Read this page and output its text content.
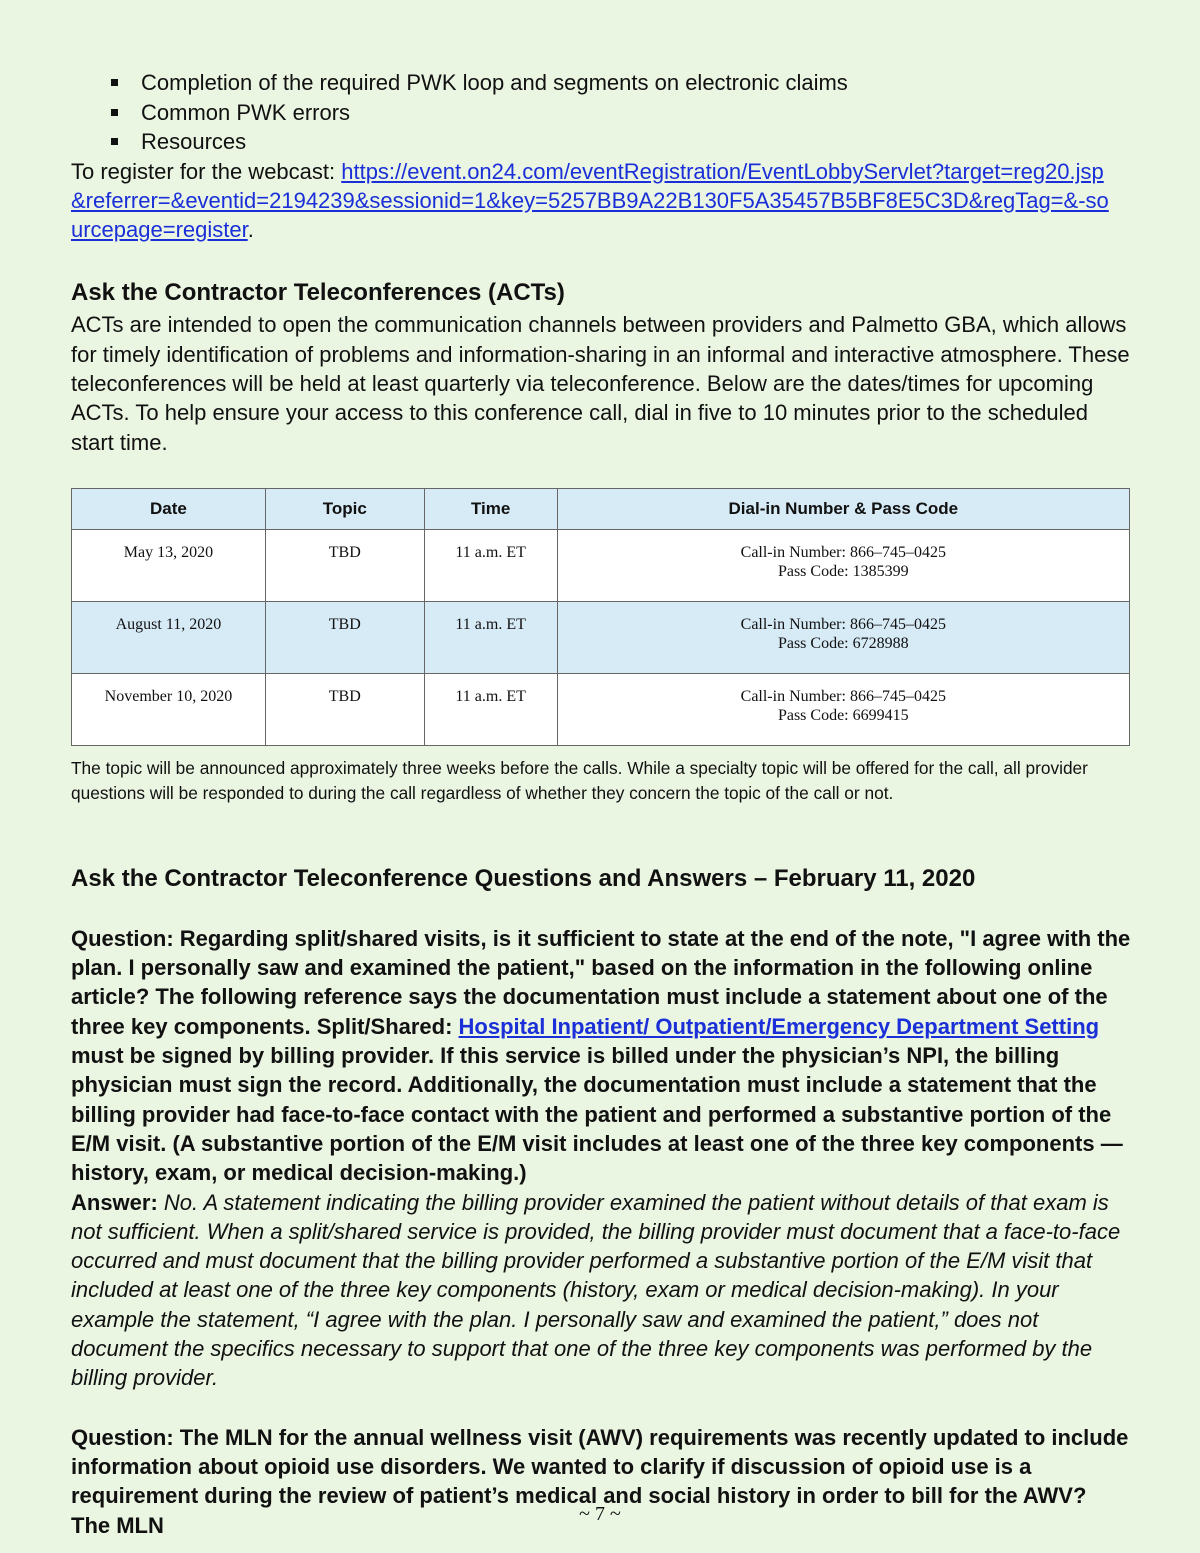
Completion of the required PWK loop and segments on electronic claims
Common PWK errors
Resources

To register for the webcast: https://event.on24.com/eventRegistration/EventLobbyServlet?target=reg20.jsp&referrer=&eventid=2194239&sessionid=1&key=5257BB9A22B130F5A35457B5BF8E5C3D&regTag=&-sourcepage=register.

Ask the Contractor Teleconferences (ACTs)

ACTs are intended to open the communication channels between providers and Palmetto GBA, which allows for timely identification of problems and information-sharing in an informal and interactive atmosphere. These teleconferences will be held at least quarterly via teleconference. Below are the dates/times for upcoming ACTs. To help ensure your access to this conference call, dial in five to 10 minutes prior to the scheduled start time.

Date	Topic	Time	Dial-in Number & Pass Code
May 13, 2020	TBD	11 a.m. ET	Call-in Number: 866–745–0425
Pass Code: 1385399

August 11, 2020	TBD	11 a.m. ET	Call-in Number: 866–745–0425
Pass Code: 6728988

November 10, 2020	TBD	11 a.m. ET	Call-in Number: 866–745–0425
Pass Code: 6699415

The topic will be announced approximately three weeks before the calls. While a specialty topic will be offered for the call, all provider questions will be responded to during the call regardless of whether they concern the topic of the call or not.

Ask the Contractor Teleconference Questions and Answers – February 11, 2020

Question: Regarding split/shared visits, is it sufficient to state at the end of the note, "I agree with the plan. I personally saw and examined the patient," based on the information in the following online article? The following reference says the documentation must include a statement about one of the three key components. Split/Shared: Hospital Inpatient/ Outpatient/Emergency Department Setting must be signed by billing provider. If this service is billed under the physician’s NPI, the billing physician must sign the record. Additionally, the documentation must include a statement that the billing provider had face-to-face contact with the patient and performed a substantive portion of the E/M visit. (A substantive portion of the E/M visit includes at least one of the three key components — history, exam, or medical decision-making.)

Answer: No. A statement indicating the billing provider examined the patient without details of that exam is not sufficient. When a split/shared service is provided, the billing provider must document that a face-to-face occurred and must document that the billing provider performed a substantive portion of the E/M visit that included at least one of the three key components (history, exam or medical decision-making). In your example the statement, “I agree with the plan. I personally saw and examined the patient,” does not document the specifics necessary to support that one of the three key components was performed by the billing provider.

Question: The MLN for the annual wellness visit (AWV) requirements was recently updated to include information about opioid use disorders. We wanted to clarify if discussion of opioid use is a requirement during the review of patient’s medical and social history in order to bill for the AWV? The MLN	~ 7 ~
